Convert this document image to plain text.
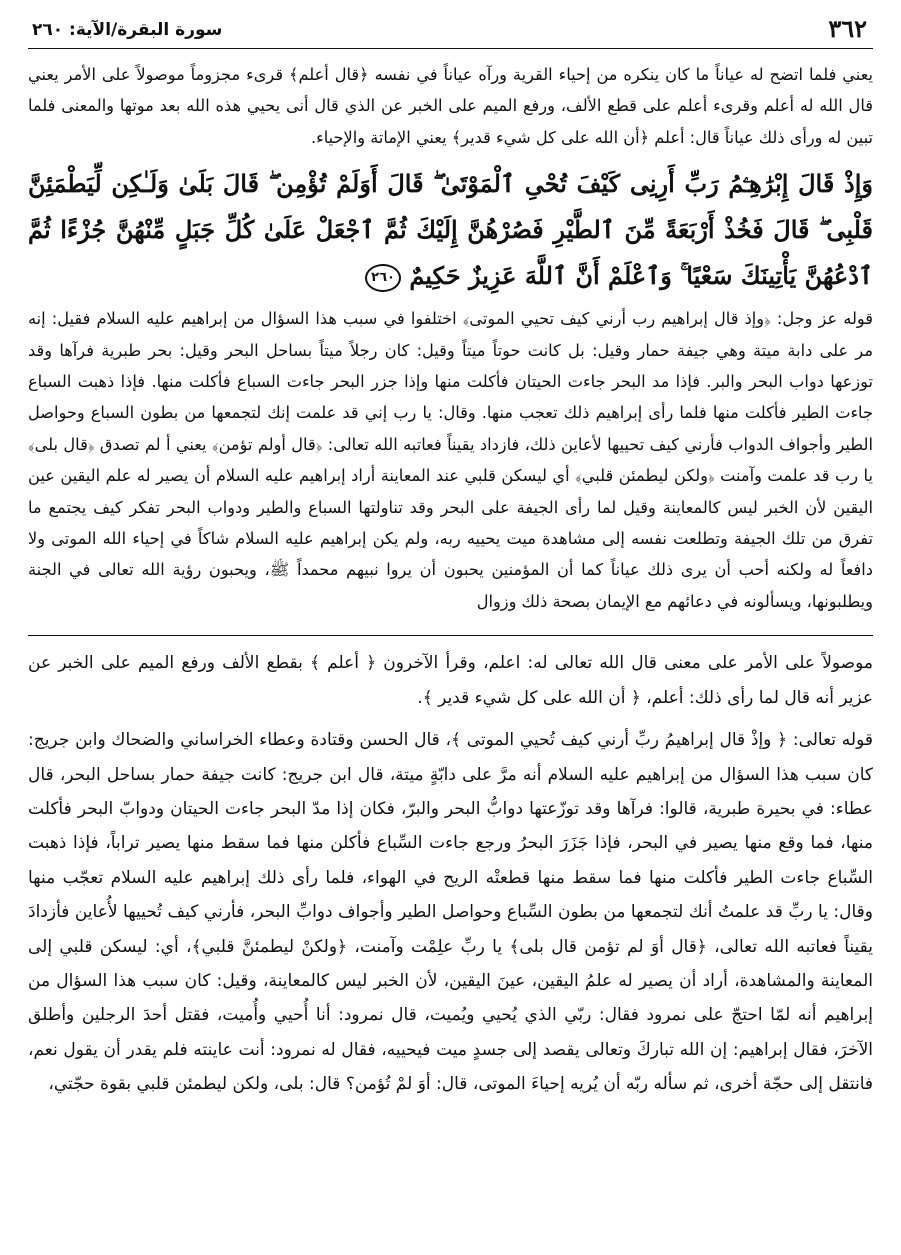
٣٦٢
سورة البقرة/الآية: ٢٦٠

يعني فلما اتضح له عياناً ما كان ينكره من إحياء القرية ورآه عياناً في نفسه ﴿قال أعلم﴾ قرىء مجزوماً موصولاً على الأمر يعني قال الله له أعلم وقرىء أعلم على قطع الألف، ورفع الميم على الخبر عن الذي قال أنى يحيي هذه الله بعد موتها والمعنى فلما تبين له ورأى ذلك عياناً قال: أعلم ﴿أن الله على كل شيء قدير﴾ يعني الإماتة والإحياء.

وَإِذْ قَالَ إِبْرَٰهِـۧمُ رَبِّ أَرِنِى كَيْفَ تُحْىِ ٱلْمَوْتَىٰ ۖ قَالَ أَوَلَمْ تُؤْمِن ۖ قَالَ بَلَىٰ وَلَـٰكِن لِّيَطْمَئِنَّ قَلْبِى ۖ قَالَ فَخُذْ أَرْبَعَةً مِّنَ ٱلطَّيْرِ فَصُرْهُنَّ إِلَيْكَ ثُمَّ ٱجْعَلْ عَلَىٰ كُلِّ جَبَلٍ مِّنْهُنَّ جُزْءًا ثُمَّ ٱدْعُهُنَّ يَأْتِينَكَ سَعْيًا ۚ وَٱعْلَمْ أَنَّ ٱللَّهَ عَزِيزٌ حَكِيمٌ ٢٦٠

قوله عز وجل: ﴿وإذ قال إبراهيم رب أرني كيف تحيي الموتى﴾ اختلفوا في سبب هذا السؤال من إبراهيم عليه السلام فقيل: إنه مر على دابة ميتة وهي جيفة حمار وقيل: بل كانت حوتاً ميتاً وقيل: كان رجلاً ميتاً بساحل البحر وقيل: بحر طبرية فرآها وقد توزعها دواب البحر والبر. فإذا مد البحر جاءت الحيتان فأكلت منها وإذا جزر البحر جاءت السباع فأكلت منها. فإذا ذهبت السباع جاءت الطير فأكلت منها فلما رأى إبراهيم ذلك تعجب منها. وقال: يا رب إني قد علمت إنك لتجمعها من بطون السباع وحواصل الطير وأجواف الدواب فأرني كيف تحييها لأعاين ذلك، فازداد يقيناً فعاتبه الله تعالى: ﴿قال أولم تؤمن﴾ يعني أ لم تصدق ﴿قال بلى﴾ يا رب قد علمت وآمنت ﴿ولكن ليطمئن قلبي﴾ أي ليسكن قلبي عند المعاينة أراد إبراهيم عليه السلام أن يصير له علم اليقين عين اليقين لأن الخبر ليس كالمعاينة وقيل لما رأى الجيفة على البحر وقد تناولتها السباع والطير ودواب البحر تفكر كيف يجتمع ما تفرق من تلك الجيفة وتطلعت نفسه إلى مشاهدة ميت يحييه ربه، ولم يكن إبراهيم عليه السلام شاكاً في إحياء الله الموتى ولا دافعاً له ولكنه أحب أن يرى ذلك عياناً كما أن المؤمنين يحبون أن يروا نبيهم محمداً ﷺ، ويحبون رؤية الله تعالى في الجنة ويطلبونها، ويسألونه في دعائهم مع الإيمان بصحة ذلك وزوال

موصولاً على الأمر على معنى قال الله تعالى له: اعلم، وقرأ الآخرون ﴿ أعلم ﴾ بقطع الألف ورفع الميم على الخبر عن عزير أنه قال لما رأى ذلك: أعلم، ﴿ أن الله على كل شيء قدير ﴾.

قوله تعالى: ﴿ وإذْ قال إبراهيمُ ربِّ أرني كيف تُحيي الموتى ﴾، قال الحسن وقتادة وعطاء الخراساني والضحاك وابن جريج: كان سبب هذا السؤال من إبراهيم عليه السلام أنه مرَّ على دابّةٍ ميتة، قال ابن جريج: كانت جيفة حمار بساحل البحر، قال عطاء: في بحيرة طبرية، قالوا: فرآها وقد توزّعتها دوابُّ البحر والبرّ، فكان إذا مدّ البحر جاءت الحيتان ودوابّ البحر فأكلت منها، فما وقع منها يصير في البحر، فإذا جَزَرَ البحرُ ورجع جاءت السِّباع فأكلن منها فما سقط منها يصير تراباً، فإذا ذهبت السِّباع جاءت الطير فأكلت منها فما سقط منها قطعتْه الريح في الهواء، فلما رأى ذلك إبراهيم عليه السلام تعجّب منها وقال: يا ربِّ قد علمتُ أنك لتجمعها من بطون السِّباع وحواصل الطير وأجواف دوابِّ البحر، فأرني كيف تُحييها لأُعاين فأزدادَ يقيناً فعاتبه الله تعالى، ﴿قال أوَ لم تؤمن قال بلى﴾ يا ربِّ علِمْت وآمنت، ﴿ولكنْ ليطمئنَّ قلبي﴾، أي: ليسكن قلبي إلى المعاينة والمشاهدة، أراد أن يصير له علمُ اليقين، عينَ اليقين، لأن الخبر ليس كالمعاينة، وقيل: كان سبب هذا السؤال من إبراهيم أنه لمّا احتجّ على نمرود فقال: ربّي الذي يُحيي ويُميت، قال نمرود: أنا أُحيي وأُميت، فقتل أحدَ الرجلين وأطلق الآخرَ، فقال إبراهيم: إن الله تباركَ وتعالى يقصد إلى جسدٍ ميت فيحييه، فقال له نمرود: أنت عاينته فلم يقدر أن يقول نعم، فانتقل إلى حجّة أخرى، ثم سأله ربّه أن يُريه إحياءَ الموتى، قال: أوَ لمْ تُؤمن؟ قال: بلى، ولكن ليطمئن قلبي بقوة حجّتي،
